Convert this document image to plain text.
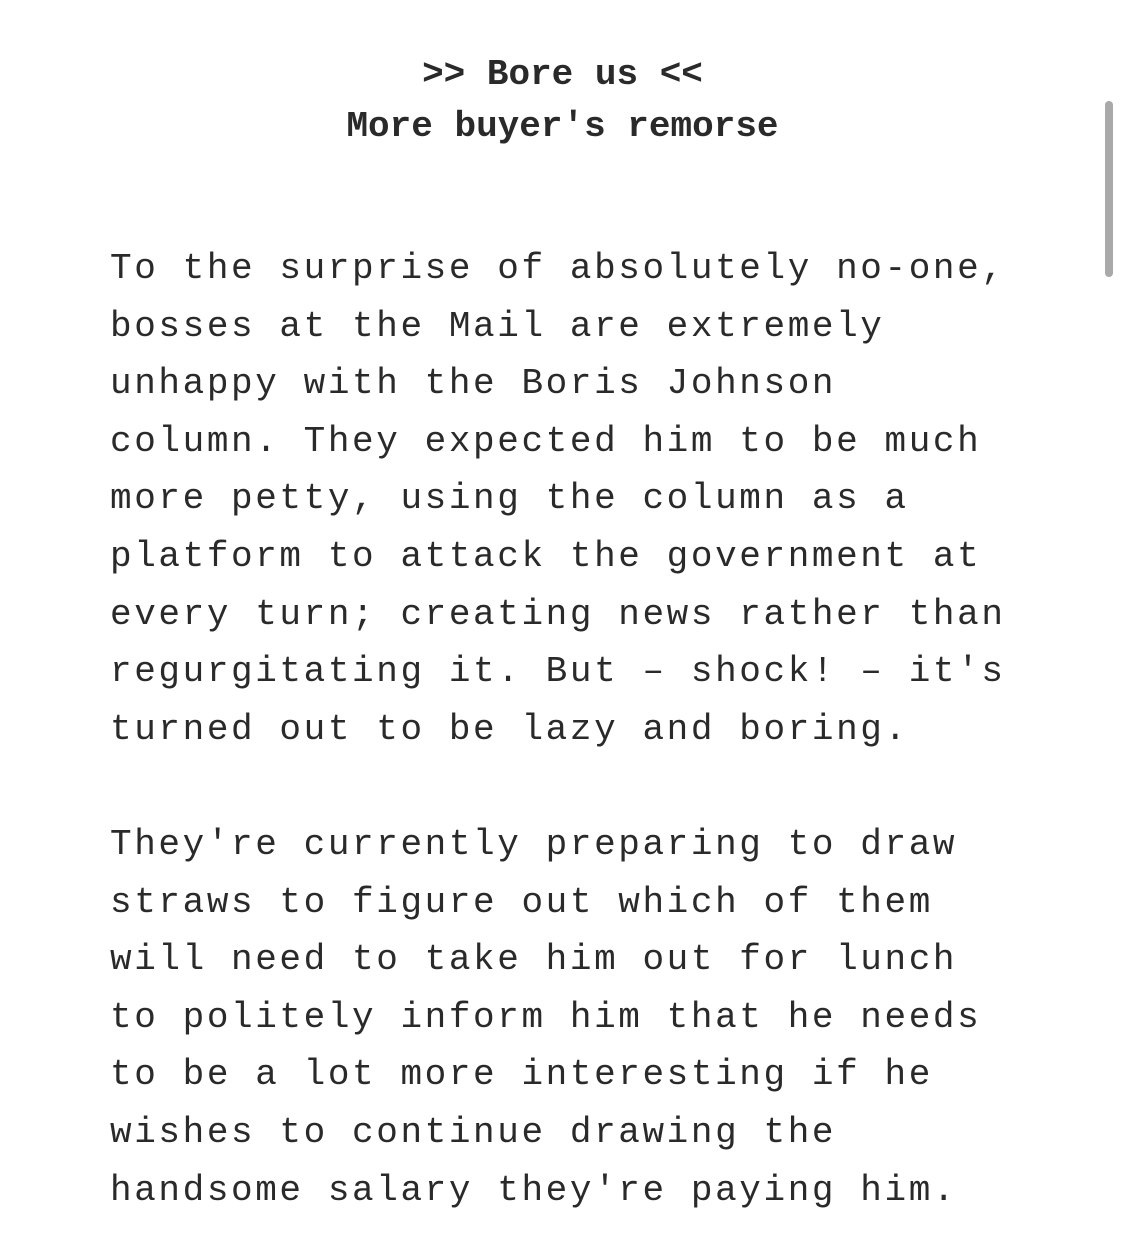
>> Bore us <<
More buyer's remorse
To the surprise of absolutely no-one,
bosses at the Mail are extremely
unhappy with the Boris Johnson
column. They expected him to be much
more petty, using the column as a
platform to attack the government at
every turn; creating news rather than
regurgitating it. But – shock! – it's
turned out to be lazy and boring.
They're currently preparing to draw
straws to figure out which of them
will need to take him out for lunch
to politely inform him that he needs
to be a lot more interesting if he
wishes to continue drawing the
handsome salary they're paying him.
